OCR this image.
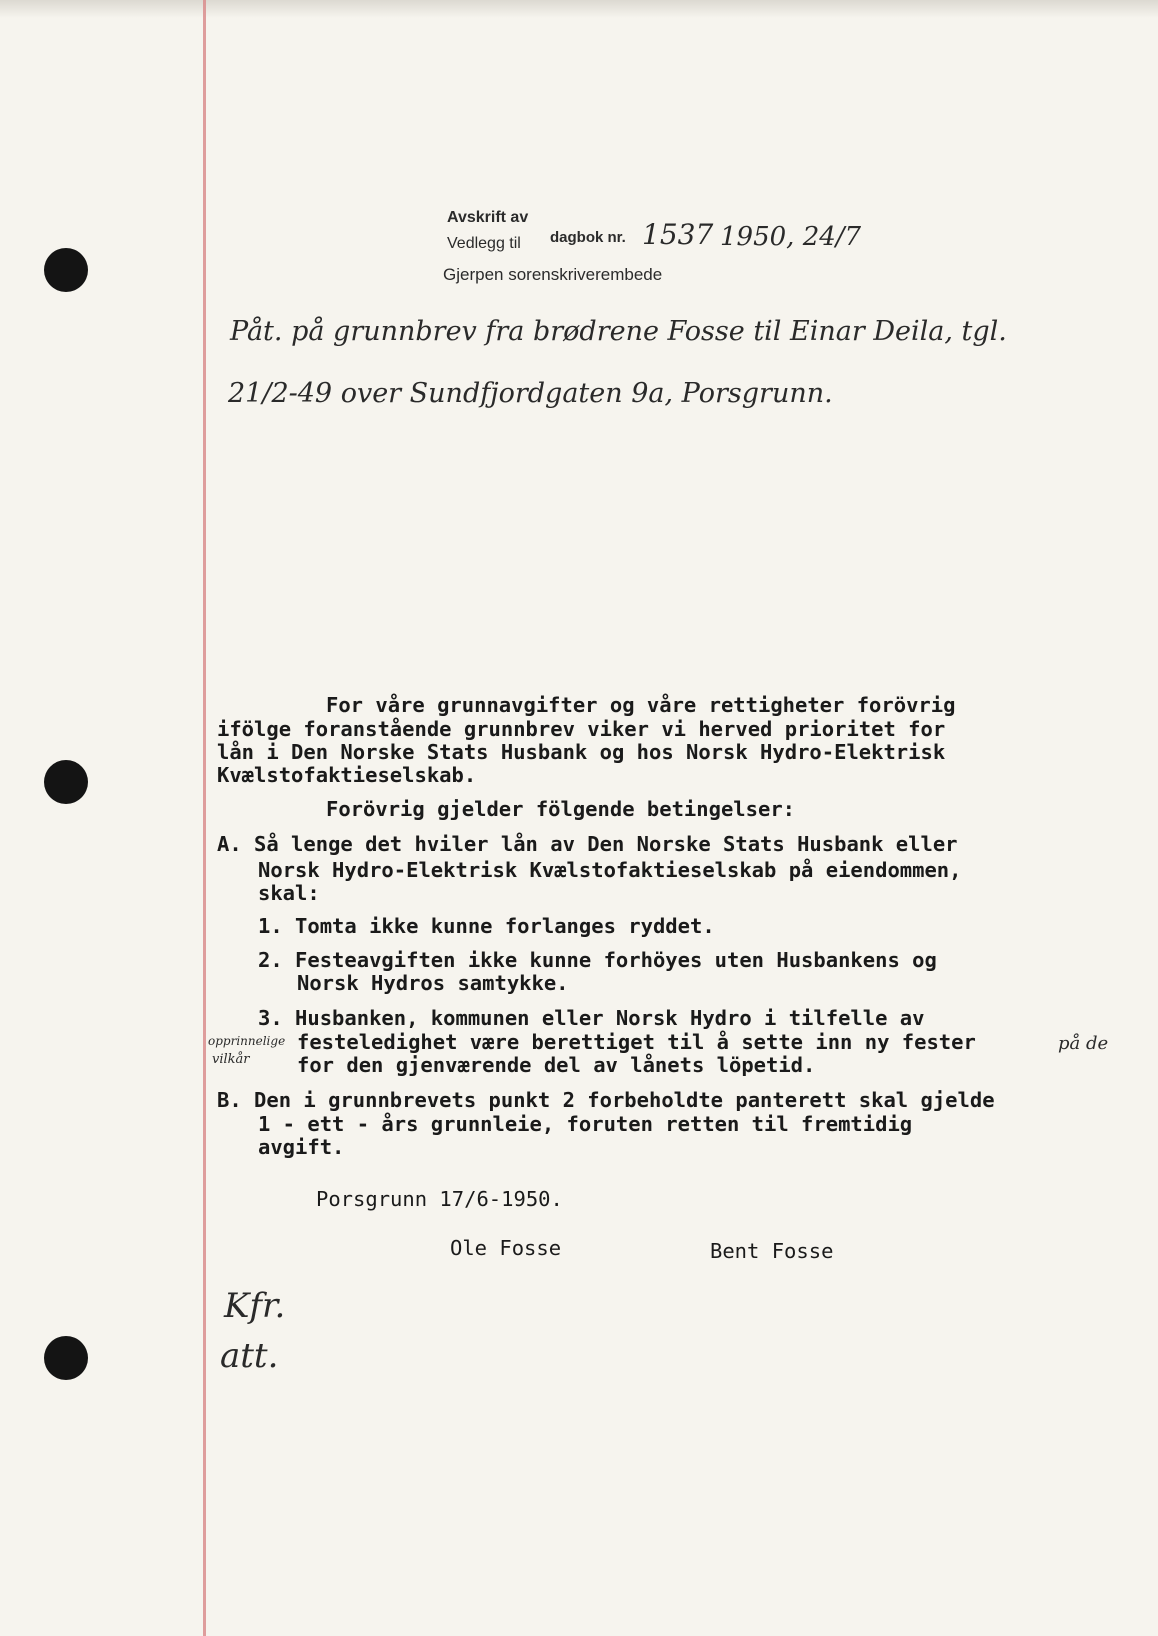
Avskrift av
dagbok nr.
Vedlegg til
Gjerpen sorenskriverembede
1537 1950, 24/7
Påt. på grunnbrev fra brødrene Fosse til Einar Deila, tgl.
21/2-49 over Sundfjordgaten 9a, Porsgrunn.
For våre grunnavgifter og våre rettigheter forövrig
ifölge foranstående grunnbrev viker vi herved prioritet for
lån i Den Norske Stats Husbank og hos Norsk Hydro-Elektrisk
Kvælstofaktieselskab.
Forövrig gjelder fölgende betingelser:
A. Så lenge det hviler lån av Den Norske Stats Husbank eller
Norsk Hydro-Elektrisk Kvælstofaktieselskab på eiendommen,
skal:
1. Tomta ikke kunne forlanges ryddet.
2. Festeavgiften ikke kunne forhöyes uten Husbankens og
Norsk Hydros samtykke.
3. Husbanken, kommunen eller Norsk Hydro i tilfelle av
festeledighet være berettiget til å sette inn ny fester
for den gjenværende del av lånets löpetid.
på de
opprinnelige
vilkår
B. Den i grunnbrevets punkt 2 forbeholdte panterett skal gjelde
1 - ett - års grunnleie, foruten retten til fremtidig
avgift.
Porsgrunn 17/6-1950.
Ole Fosse	Bent Fosse
Kfr.
att.
